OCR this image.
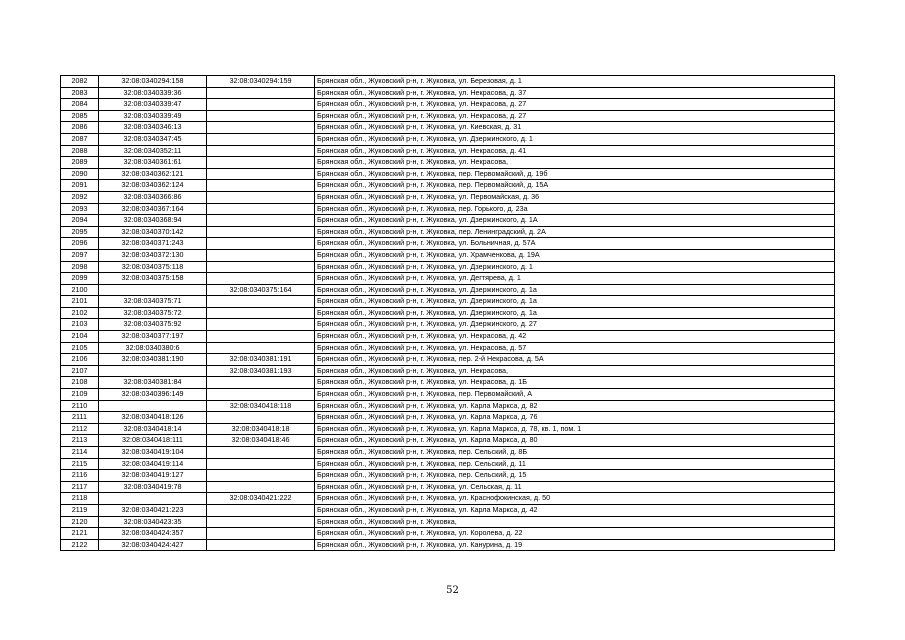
2082	32:08:0340294:158	32:08:0340294:159	Брянская обл., Жуковский р-н, г. Жуковка, ул. Березовая, д. 1
2083	32:08:0340339:36		Брянская обл., Жуковский р-н, г. Жуковка, ул. Некрасова, д. 37
2084	32:08:0340339:47		Брянская обл., Жуковский р-н, г. Жуковка, ул. Некрасова, д. 27
2085	32:08:0340339:49		Брянская обл., Жуковский р-н, г. Жуковка, ул. Некрасова, д. 27
2086	32:08:0340346:13		Брянская обл., Жуковский р-н, г. Жуковка, ул. Киевская, д. 31
2087	32:08:0340347:45		Брянская обл., Жуковский р-н, г. Жуковка, ул. Дзержинского, д. 1
2088	32:08:0340352:11		Брянская обл., Жуковский р-н, г. Жуковка, ул. Некрасова, д. 41
2089	32:08:0340361:61		Брянская обл., Жуковский р-н, г. Жуковка, ул. Некрасова,
2090	32:08:0340362:121		Брянская обл., Жуковский р-н, г. Жуковка, пер. Первомайский, д. 19б
2091	32:08:0340362:124		Брянская обл., Жуковский р-н, г. Жуковка, пер. Первомайский, д. 15А
2092	32:08:0340366:86		Брянская обл., Жуковский р-н, г. Жуковка, ул. Первомайская, д. 36
2093	32:08:0340367:164		Брянская обл., Жуковский р-н, г. Жуковка, пер. Горького, д. 23а
2094	32:08:0340368:94		Брянская обл., Жуковский р-н, г. Жуковка, ул. Дзержинского, д. 1А
2095	32:08:0340370:142		Брянская обл., Жуковский р-н, г. Жуковка, пер. Ленинградский, д. 2А
2096	32:08:0340371:243		Брянская обл., Жуковский р-н, г. Жуковка, ул. Больничная, д. 57А
2097	32:08:0340372:130		Брянская обл., Жуковский р-н, г. Жуковка, ул. Храмченкова, д. 19А
2098	32:08:0340375:118		Брянская обл., Жуковский р-н, г. Жуковка, ул. Дзержинского, д. 1
2099	32:08:0340375:158		Брянская обл., Жуковский р-н, г. Жуковка, ул. Дегтярева, д. 1
2100		32:08:0340375:164	Брянская обл., Жуковский р-н, г. Жуковка, ул. Дзержинского, д. 1а
2101	32:08:0340375:71		Брянская обл., Жуковский р-н, г. Жуковка, ул. Дзержинского, д. 1а
2102	32:08:0340375:72		Брянская обл., Жуковский р-н, г. Жуковка, ул. Дзержинского, д. 1а
2103	32:08:0340375:92		Брянская обл., Жуковский р-н, г. Жуковка, ул. Дзержинского, д. 27
2104	32:08:0340377:197		Брянская обл., Жуковский р-н, г. Жуковка, ул. Некрасова, д. 42
2105	32:08:0340380:6		Брянская обл., Жуковский р-н, г. Жуковка, ул. Некрасова, д. 57
2106	32:08:0340381:190	32:08:0340381:191	Брянская обл., Жуковский р-н, г. Жуковка, пер. 2-й Некрасова, д. 5А
2107		32:08:0340381:193	Брянская обл., Жуковский р-н, г. Жуковка, ул. Некрасова,
2108	32:08:0340381:84		Брянская обл., Жуковский р-н, г. Жуковка, ул. Некрасова, д. 1Б
2109	32:08:0340396:149		Брянская обл., Жуковский р-н, г. Жуковка, пер. Первомайский, А
2110		32:08:0340418:118	Брянская обл., Жуковский р-н, г. Жуковка, ул. Карла Маркса, д. 82
2111	32:08:0340418:126		Брянская обл., Жуковский р-н, г. Жуковка, ул. Карла Маркса, д. 76
2112	32:08:0340418:14	32:08:0340418:18	Брянская обл., Жуковский р-н, г. Жуковка, ул. Карла Маркса, д. 78, кв. 1, пом. 1
2113	32:08:0340418:111	32:08:0340418:46	Брянская обл., Жуковский р-н, г. Жуковка, ул. Карла Маркса, д. 80
2114	32:08:0340419:104		Брянская обл., Жуковский р-н, г. Жуковка, пер. Сельский, д. 8Б
2115	32:08:0340419:114		Брянская обл., Жуковский р-н, г. Жуковка, пер. Сельский, д. 11
2116	32:08:0340419:127		Брянская обл., Жуковский р-н, г. Жуковка, пер. Сельский, д. 15
2117	32:08:0340419:78		Брянская обл., Жуковский р-н, г. Жуковка, ул. Сельская, д. 11
2118		32:08:0340421:222	Брянская обл., Жуковский р-н, г. Жуковка, ул. Краснофокинская, д. 50
2119	32:08:0340421:223		Брянская обл., Жуковский р-н, г. Жуковка, ул. Карла Маркса, д. 42
2120	32:08:0340423:35		Брянская обл., Жуковский р-н, г. Жуковка,
2121	32:08:0340424:357		Брянская обл., Жуковский р-н, г. Жуковка, ул. Королева, д. 22
2122	32:08:0340424:427		Брянская обл., Жуковский р-н, г. Жуковка, ул. Канурина, д. 19
52
